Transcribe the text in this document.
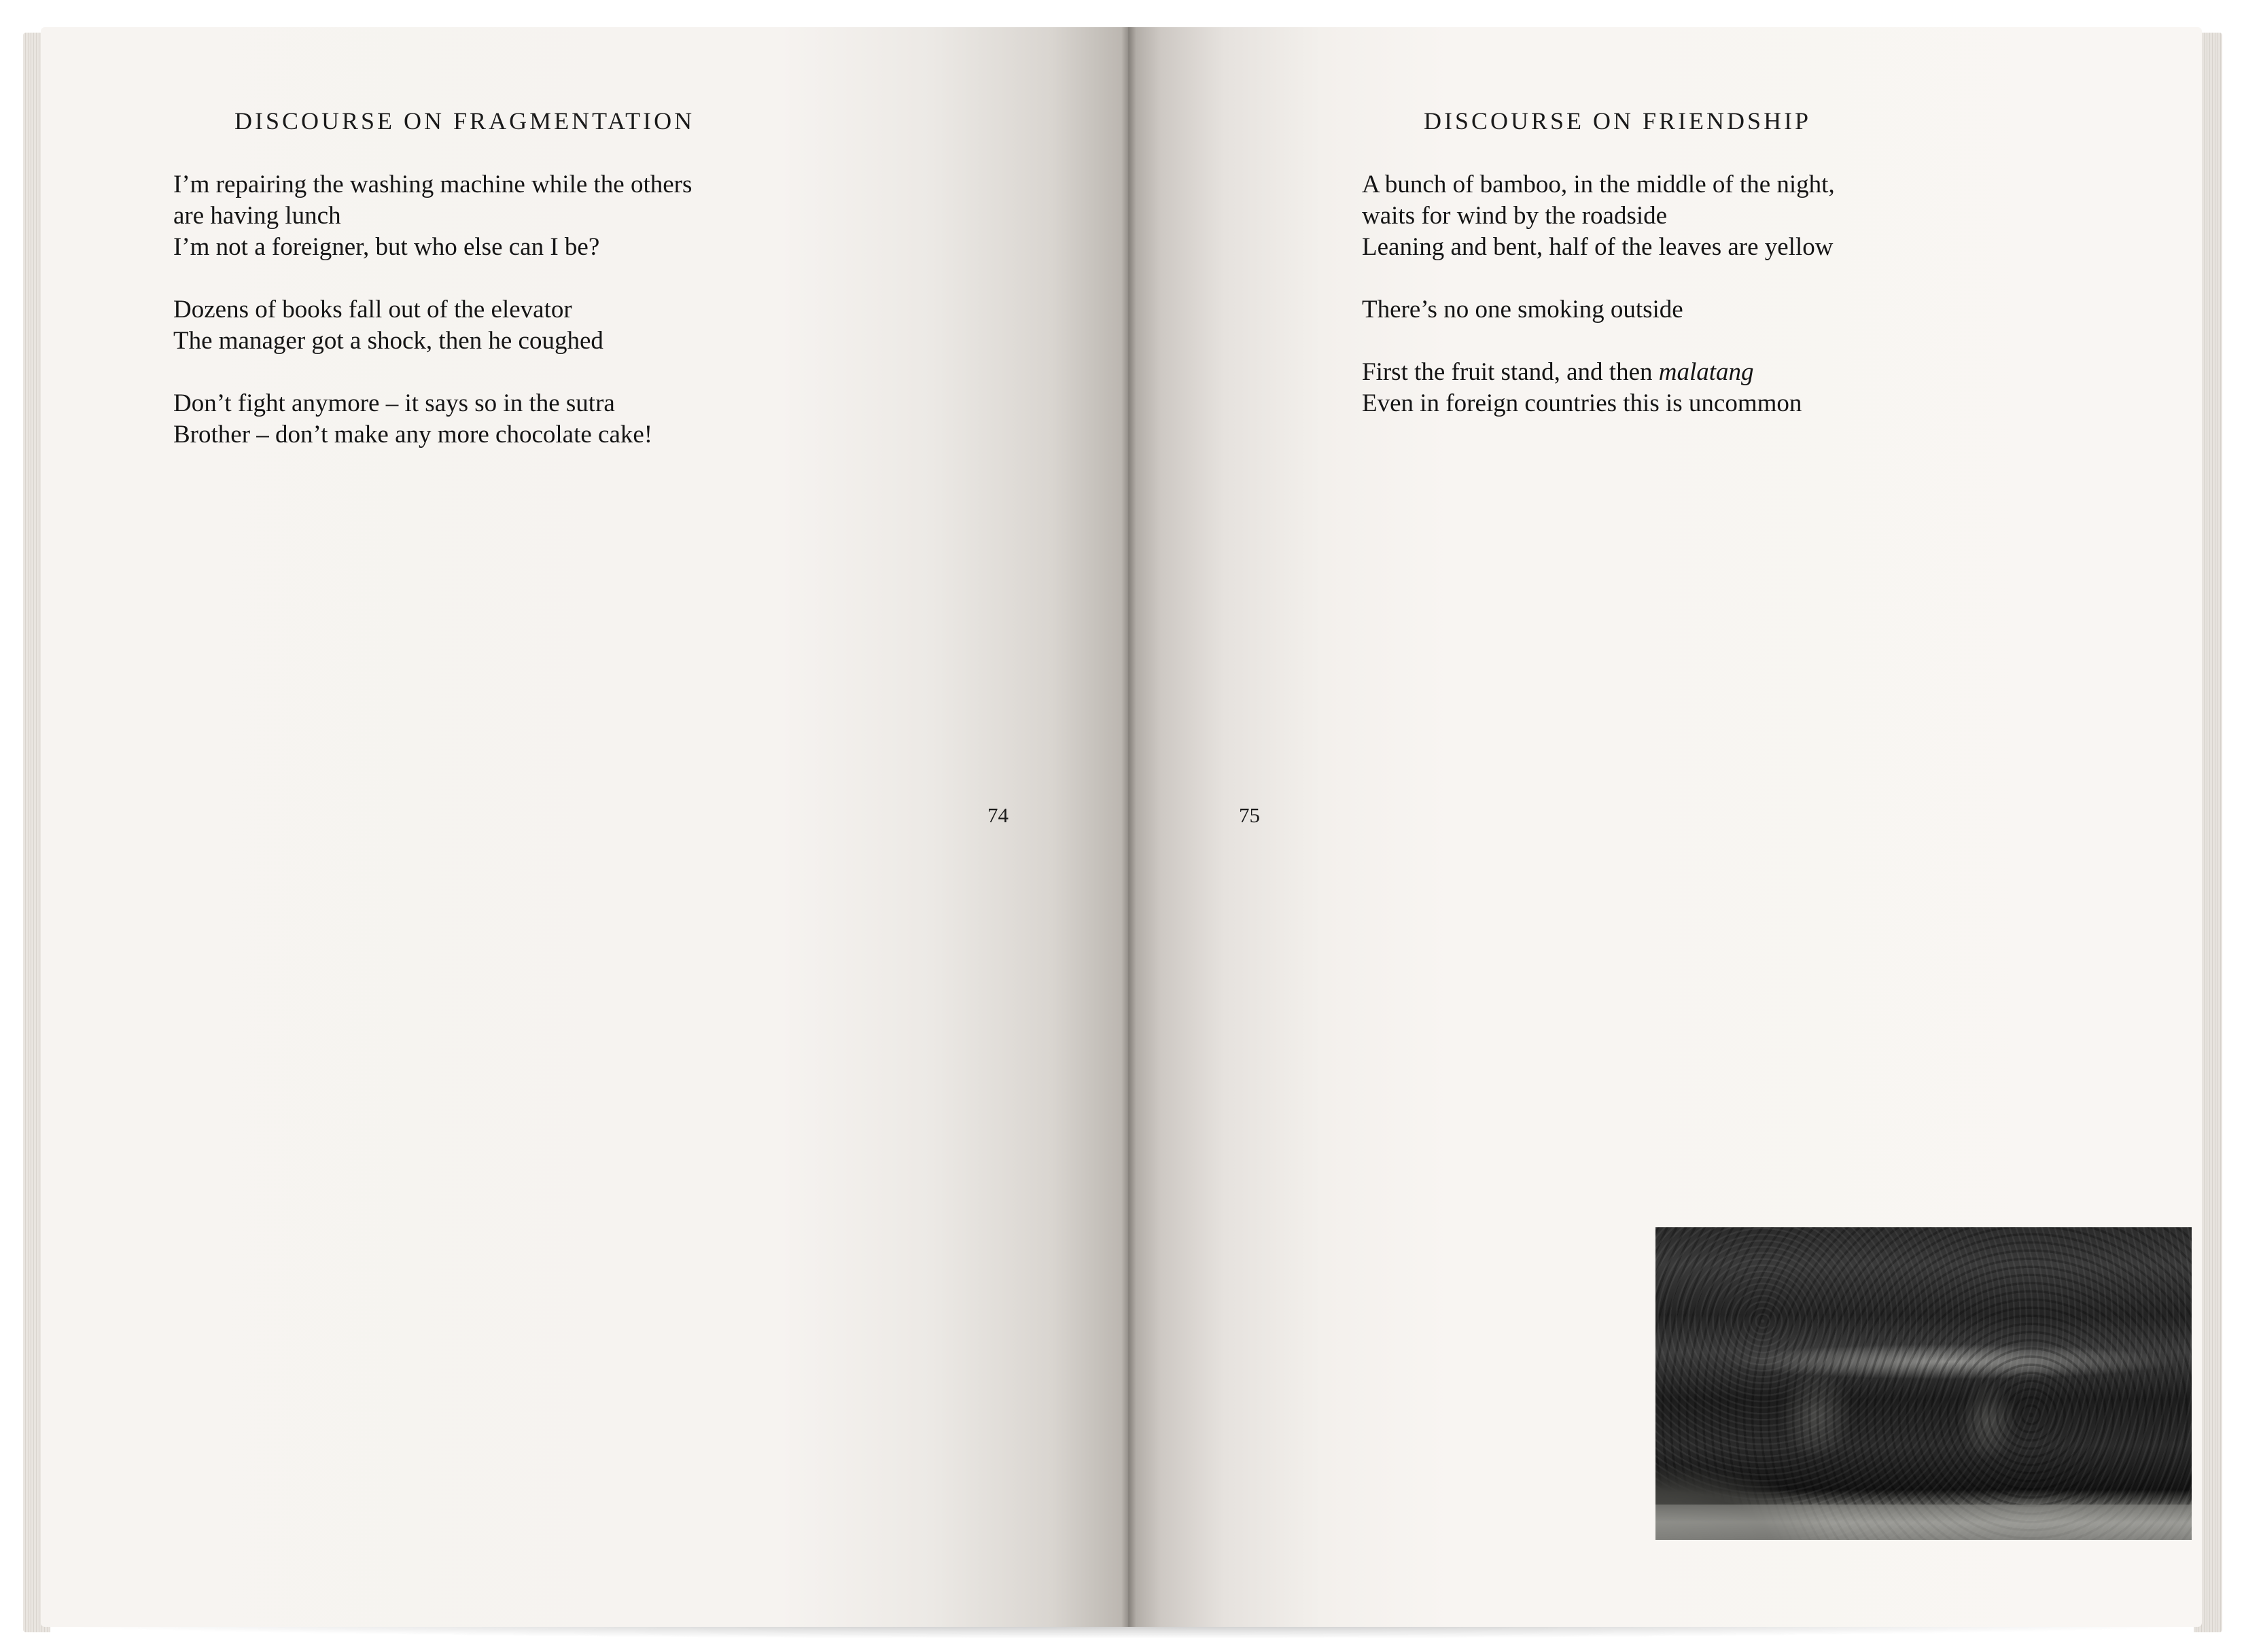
DISCOURSE ON FRAGMENTATION
I’m repairing the washing machine while the others
are having lunch
I’m not a foreigner, but who else can I be?
Dozens of books fall out of the elevator
The manager got a shock, then he coughed
Don’t fight anymore – it says so in the sutra
Brother – don’t make any more chocolate cake!
74
DISCOURSE ON FRIENDSHIP
A bunch of bamboo, in the middle of the night,
waits for wind by the roadside
Leaning and bent, half of the leaves are yellow
There’s no one smoking outside
First the fruit stand, and then malatang
Even in foreign countries this is uncommon
75
